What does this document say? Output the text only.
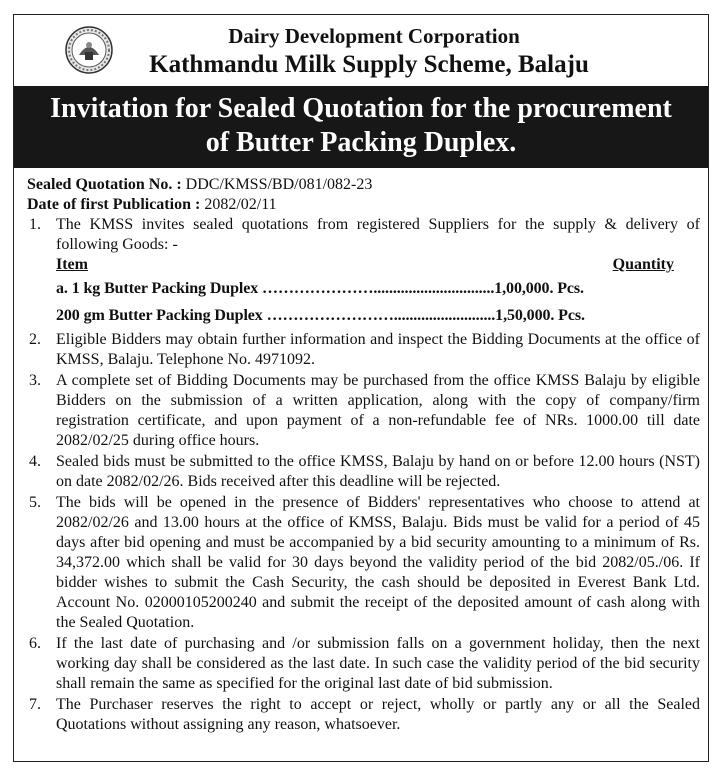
Dairy Development Corporation
Kathmandu Milk Supply Scheme, Balaju
Invitation for Sealed Quotation for the procurement
of Butter Packing Duplex.
Sealed Quotation No. : DDC/KMSS/BD/081/082-23
Date of first Publication : 2082/02/11
1. The KMSS invites sealed quotations from registered Suppliers for the supply & delivery of following Goods: -
Item	Quantity
a. 1 kg Butter Packing Duplex …………………...............................1,00,000. Pcs.
200 gm Butter Packing Duplex ……………………..........................1,50,000. Pcs.
2. Eligible Bidders may obtain further information and inspect the Bidding Documents at the office of KMSS, Balaju. Telephone No. 4971092.
3. A complete set of Bidding Documents may be purchased from the office KMSS Balaju by eligible Bidders on the submission of a written application, along with the copy of company/firm registration certificate, and upon payment of a non-refundable fee of NRs. 1000.00 till date 2082/02/25 during office hours.
4. Sealed bids must be submitted to the office KMSS, Balaju by hand on or before 12.00 hours (NST) on date 2082/02/26. Bids received after this deadline will be rejected.
5. The bids will be opened in the presence of Bidders' representatives who choose to attend at 2082/02/26 and 13.00 hours at the office of KMSS, Balaju. Bids must be valid for a period of 45 days after bid opening and must be accompanied by a bid security amounting to a minimum of Rs. 34,372.00 which shall be valid for 30 days beyond the validity period of the bid 2082/05./06. If bidder wishes to submit the Cash Security, the cash should be deposited in Everest Bank Ltd. Account No. 02000105200240 and submit the receipt of the deposited amount of cash along with the Sealed Quotation.
6. If the last date of purchasing and /or submission falls on a government holiday, then the next working day shall be considered as the last date. In such case the validity period of the bid security shall remain the same as specified for the original last date of bid submission.
7. The Purchaser reserves the right to accept or reject, wholly or partly any or all the Sealed Quotations without assigning any reason, whatsoever.
